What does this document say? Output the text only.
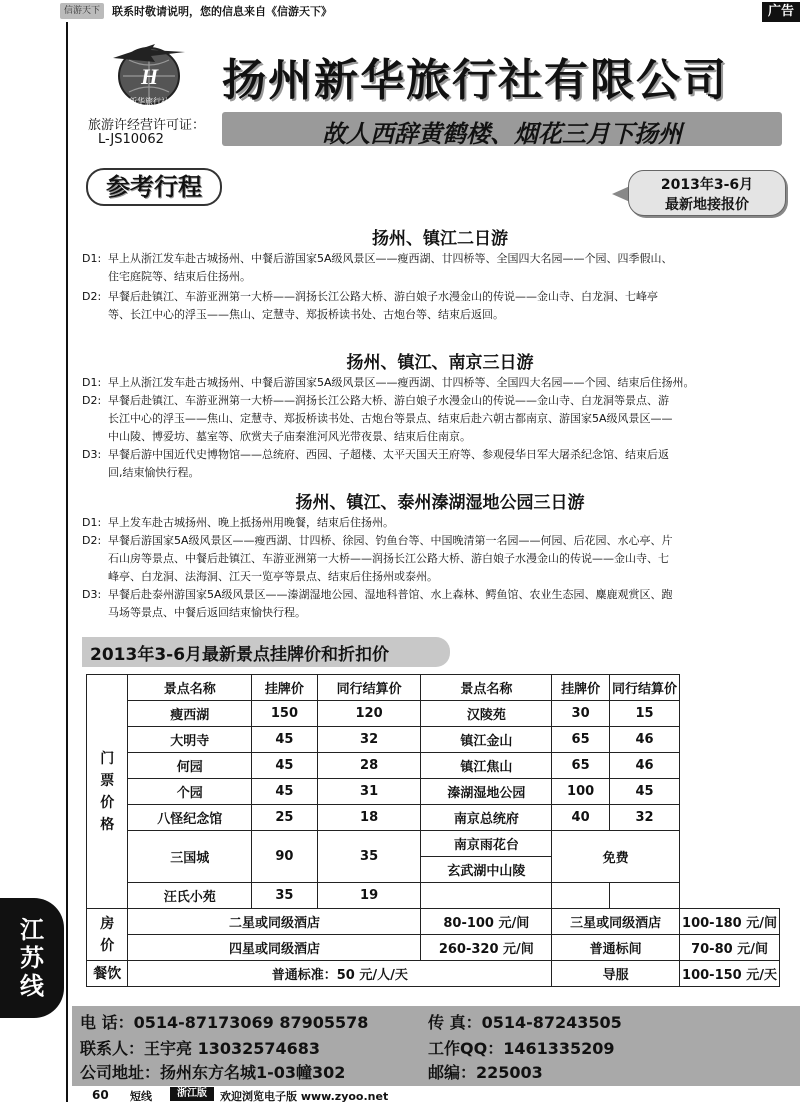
信游天下	联系时敬请说明，您的信息来自《信游天下》	广告
H
新华旅行社 扬州新华旅行社有限公司
旅游许经营许可证：
L-JS10062	故人西辞黄鹤楼、烟花三月下扬州
参考行程	2013年3-6月
最新地接报价
扬州、镇江二日游
D1: 早上从浙江发车赴古城扬州、中餐后游国家5A级风景区——瘦西湖、廿四桥等、全国四大名园——个园、四季假山、
住宅庭院等、结束后住扬州。
D2: 早餐后赴镇江、车游亚洲第一大桥——润扬长江公路大桥、游白娘子水漫金山的传说——金山寺、白龙洞、七峰亭
等、长江中心的浮玉——焦山、定慧寺、郑扳桥读书处、古炮台等、结束后返回。
扬州、镇江、南京三日游
D1: 早上从浙江发车赴古城扬州、中餐后游国家5A级风景区——瘦西湖、廿四桥等、全国四大名园——个园、结束后住扬州。
D2: 早餐后赴镇江、车游亚洲第一大桥——润扬长江公路大桥、游白娘子水漫金山的传说——金山寺、白龙洞等景点、游
长江中心的浮玉——焦山、定慧寺、郑扳桥读书处、古炮台等景点、结束后赴六朝古都南京、游国家5A级风景区——
中山陵、博爱坊、墓室等、欣赏夫子庙秦淮河风光带夜景、结束后住南京。
D3: 早餐后游中国近代史博物馆——总统府、西园、子超楼、太平天国天王府等、参观侵华日军大屠杀纪念馆、结束后返
回,结束愉快行程。
扬州、镇江、泰州溱湖湿地公园三日游
D1: 早上发车赴古城扬州、晚上抵扬州用晚餐，结束后住扬州。
D2: 早餐后游国家5A级风景区——瘦西湖、廿四桥、徐园、钓鱼台等、中国晚清第一名园——何园、后花园、水心亭、片
石山房等景点、中餐后赴镇江、车游亚洲第一大桥——润扬长江公路大桥、游白娘子水漫金山的传说——金山寺、七
峰亭、白龙洞、法海洞、江天一览亭等景点、结束后住扬州或泰州。
D3: 早餐后赴泰州游国家5A级风景区——溱湖湿地公园、湿地科普馆、水上森林、鳄鱼馆、农业生态园、麋鹿观赏区、跑
马场等景点、中餐后返回结束愉快行程。
2013年3-6月最新景点挂牌价和折扣价
门
票
价
格	景点名称	挂牌价	同行结算价	景点名称	挂牌价	同行结算价	
	瘦西湖	150	120	汉陵苑	30	15	
	大明寺	45	32	镇江金山	65	46	
	何园	45	28	镇江焦山	65	46	
	个园	45	31	溱湖湿地公园	100	45	
	八怪纪念馆	25	18	南京总统府	40	32	
	三国城	90	35	南京雨花台	免费		
				玄武湖中山陵			
	汪氏小苑	35	19				
房
价	二星或同级酒店			80-100 元/间	三星或同级酒店		100-180 元/间
	四星或同级酒店			260-320 元/间	普通标间		70-80 元/间
餐饮	普通标准：50 元/人/天				导服		100-150 元/天
江
苏
线
电 话：0514-87173069 87905578	传 真：0514-87243505
联系人：王宇亮 13032574683	工作QQ：1461335209
公司地址：扬州东方名城1-03幢302	邮编：225003
60 短线	浙江版	欢迎浏览电子版 www.zyoo.net
